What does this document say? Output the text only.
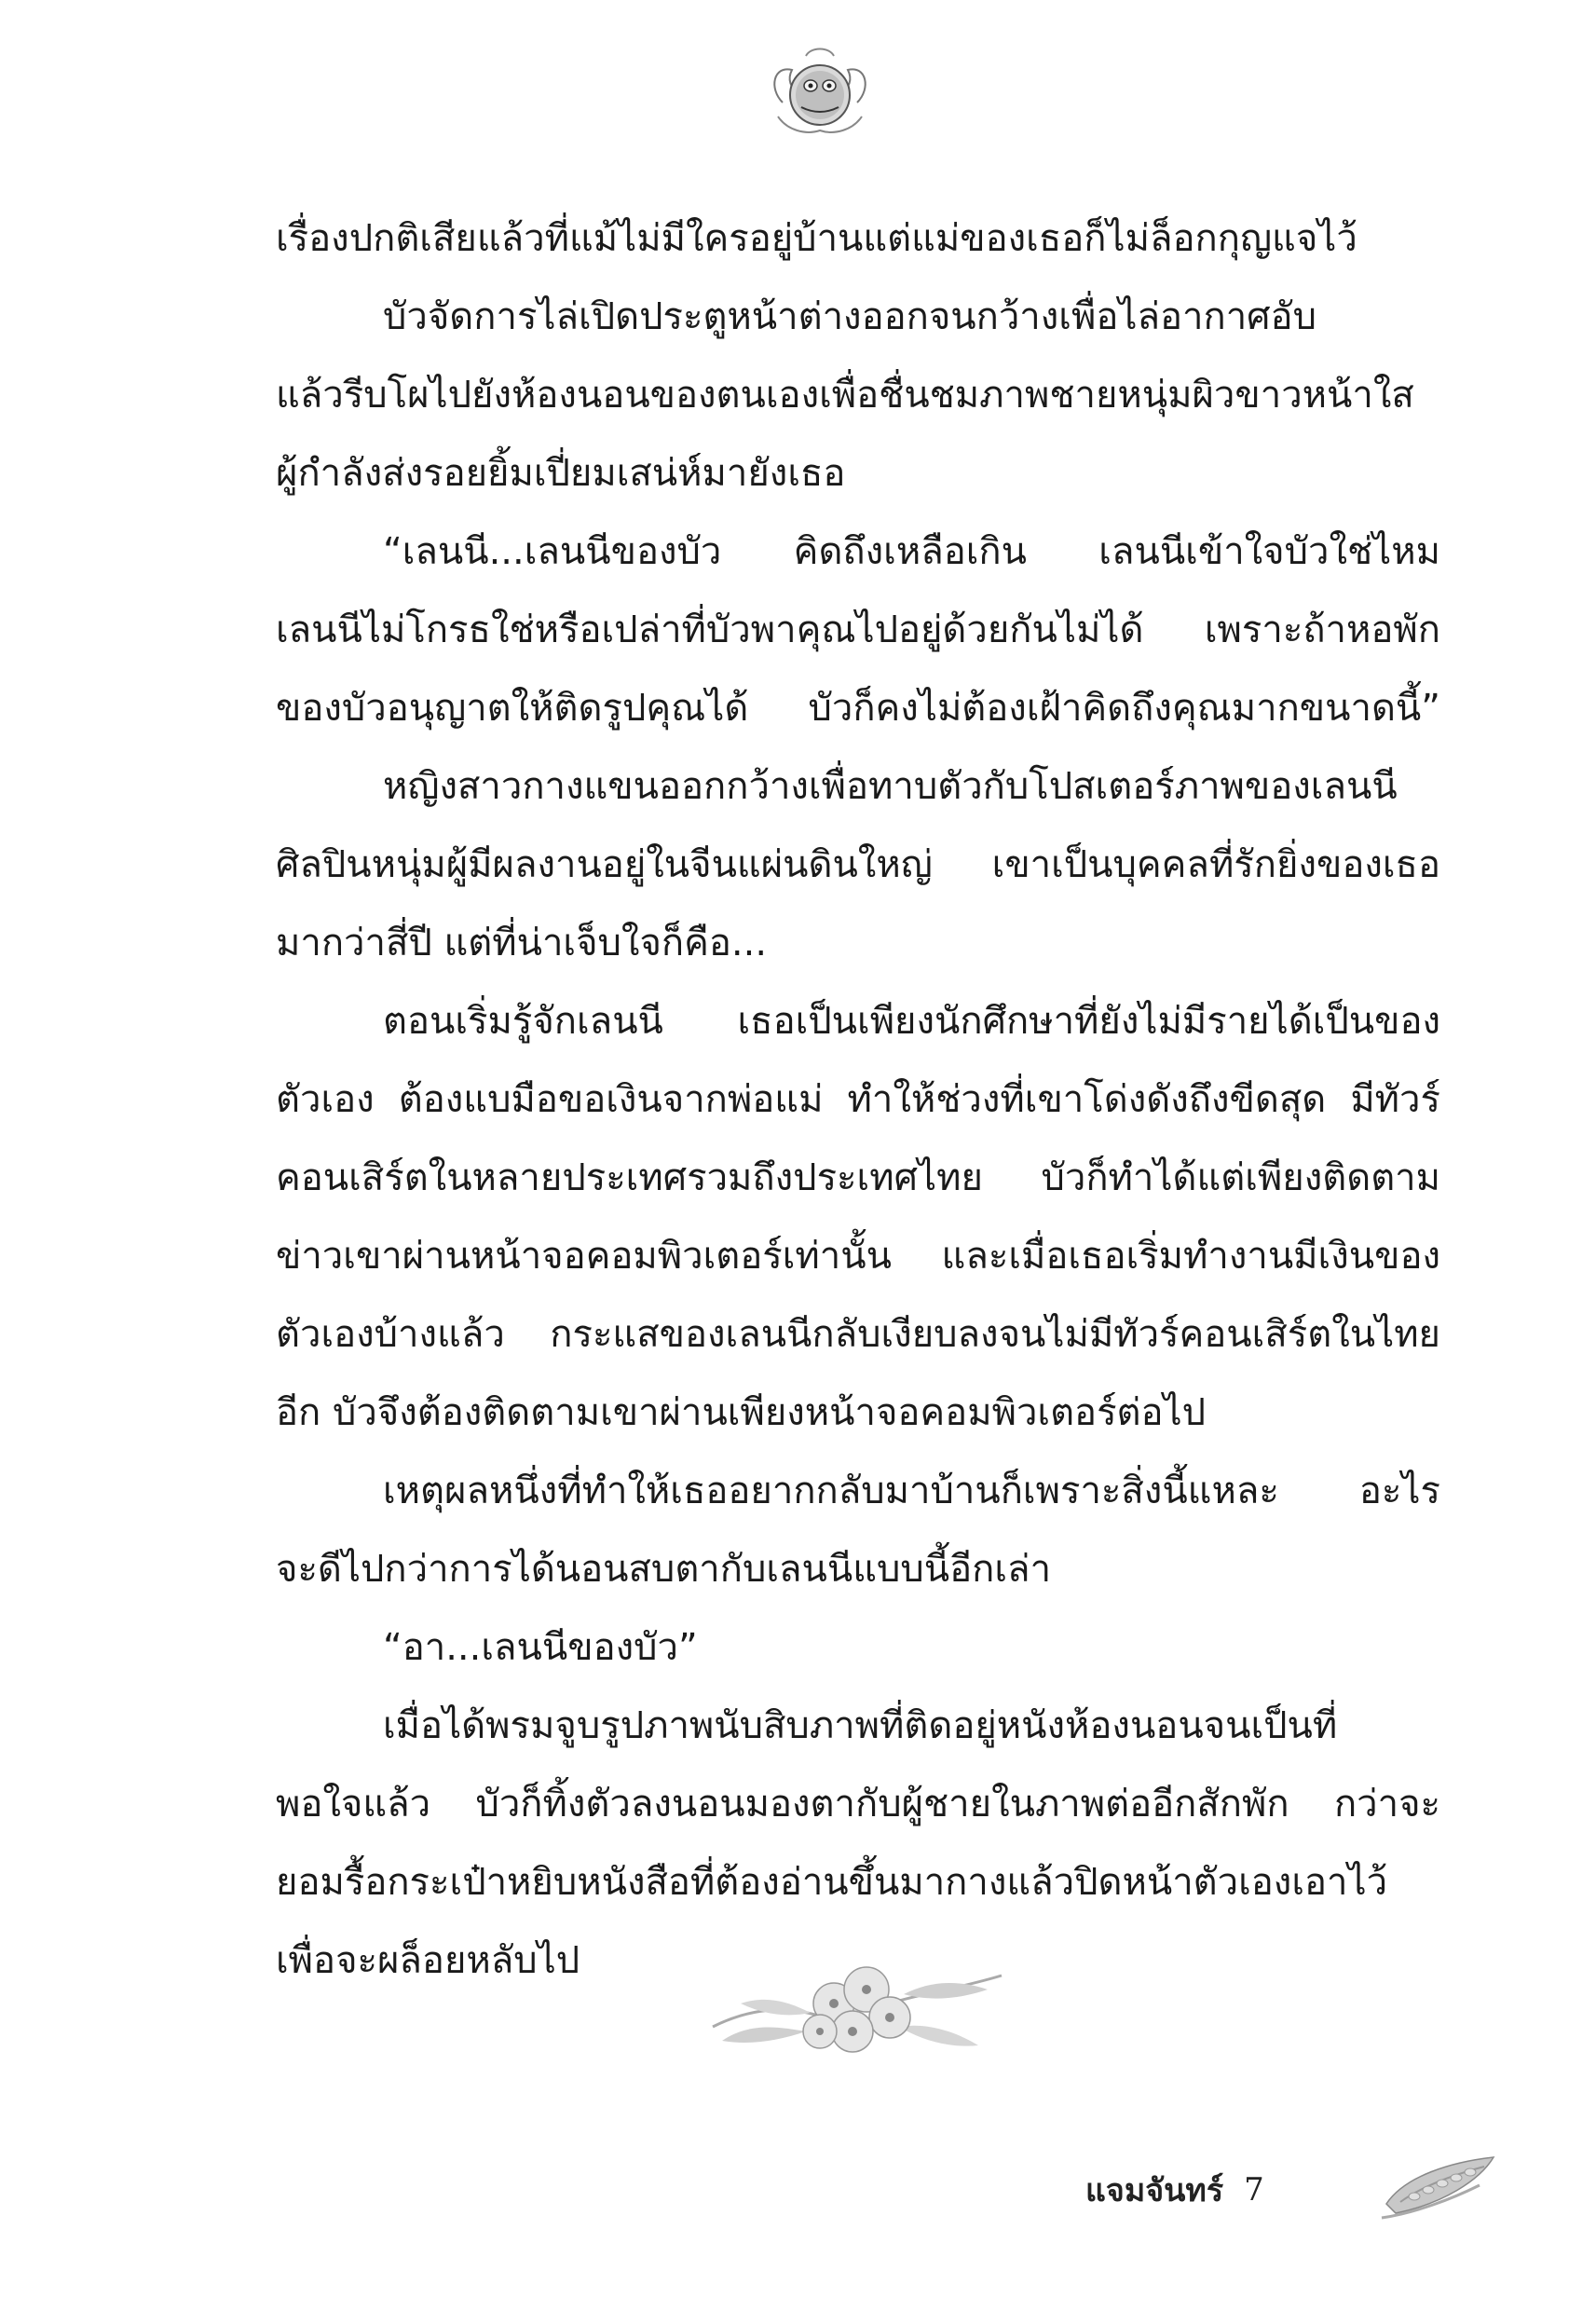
เรื่องปกติเสียแล้วที่แม้ไม่มีใครอยู่บ้านแต่แม่ของเธอก็ไม่ล็อกกุญแจไว้
บัวจัดการไล่เปิดประตูหน้าต่างออกจนกว้างเพื่อไล่อากาศอับ
แล้วรีบโผไปยังห้องนอนของตนเองเพื่อชื่นชมภาพชายหนุ่มผิวขาวหน้าใส
ผู้กำลังส่งรอยยิ้มเปี่ยมเสน่ห์มายังเธอ
“เลนนี...เลนนีของบัว คิดถึงเหลือเกิน เลนนีเข้าใจบัวใช่ไหม
เลนนีไม่โกรธใช่หรือเปล่าที่บัวพาคุณไปอยู่ด้วยกันไม่ได้ เพราะถ้าหอพัก
ของบัวอนุญาตให้ติดรูปคุณได้ บัวก็คงไม่ต้องเฝ้าคิดถึงคุณมากขนาดนี้”
หญิงสาวกางแขนออกกว้างเพื่อทาบตัวกับโปสเตอร์ภาพของเลนนี
ศิลปินหนุ่มผู้มีผลงานอยู่ในจีนแผ่นดินใหญ่ เขาเป็นบุคคลที่รักยิ่งของเธอ
มากว่าสี่ปี แต่ที่น่าเจ็บใจก็คือ...
ตอนเริ่มรู้จักเลนนี เธอเป็นเพียงนักศึกษาที่ยังไม่มีรายได้เป็นของ
ตัวเอง ต้องแบมือขอเงินจากพ่อแม่ ทำให้ช่วงที่เขาโด่งดังถึงขีดสุด มีทัวร์
คอนเสิร์ตในหลายประเทศรวมถึงประเทศไทย บัวก็ทำได้แต่เพียงติดตาม
ข่าวเขาผ่านหน้าจอคอมพิวเตอร์เท่านั้น และเมื่อเธอเริ่มทำงานมีเงินของ
ตัวเองบ้างแล้ว กระแสของเลนนีกลับเงียบลงจนไม่มีทัวร์คอนเสิร์ตในไทย
อีก บัวจึงต้องติดตามเขาผ่านเพียงหน้าจอคอมพิวเตอร์ต่อไป
เหตุผลหนึ่งที่ทำให้เธออยากกลับมาบ้านก็เพราะสิ่งนี้แหละ อะไร
จะดีไปกว่าการได้นอนสบตากับเลนนีแบบนี้อีกเล่า
“อา...เลนนีของบัว”
เมื่อได้พรมจูบรูปภาพนับสิบภาพที่ติดอยู่หนังห้องนอนจนเป็นที่
พอใจแล้ว บัวก็ทิ้งตัวลงนอนมองตากับผู้ชายในภาพต่ออีกสักพัก กว่าจะ
ยอมรื้อกระเป๋าหยิบหนังสือที่ต้องอ่านขึ้นมากางแล้วปิดหน้าตัวเองเอาไว้
เพื่อจะผล็อยหลับไป
แจมจันทร์ 7
